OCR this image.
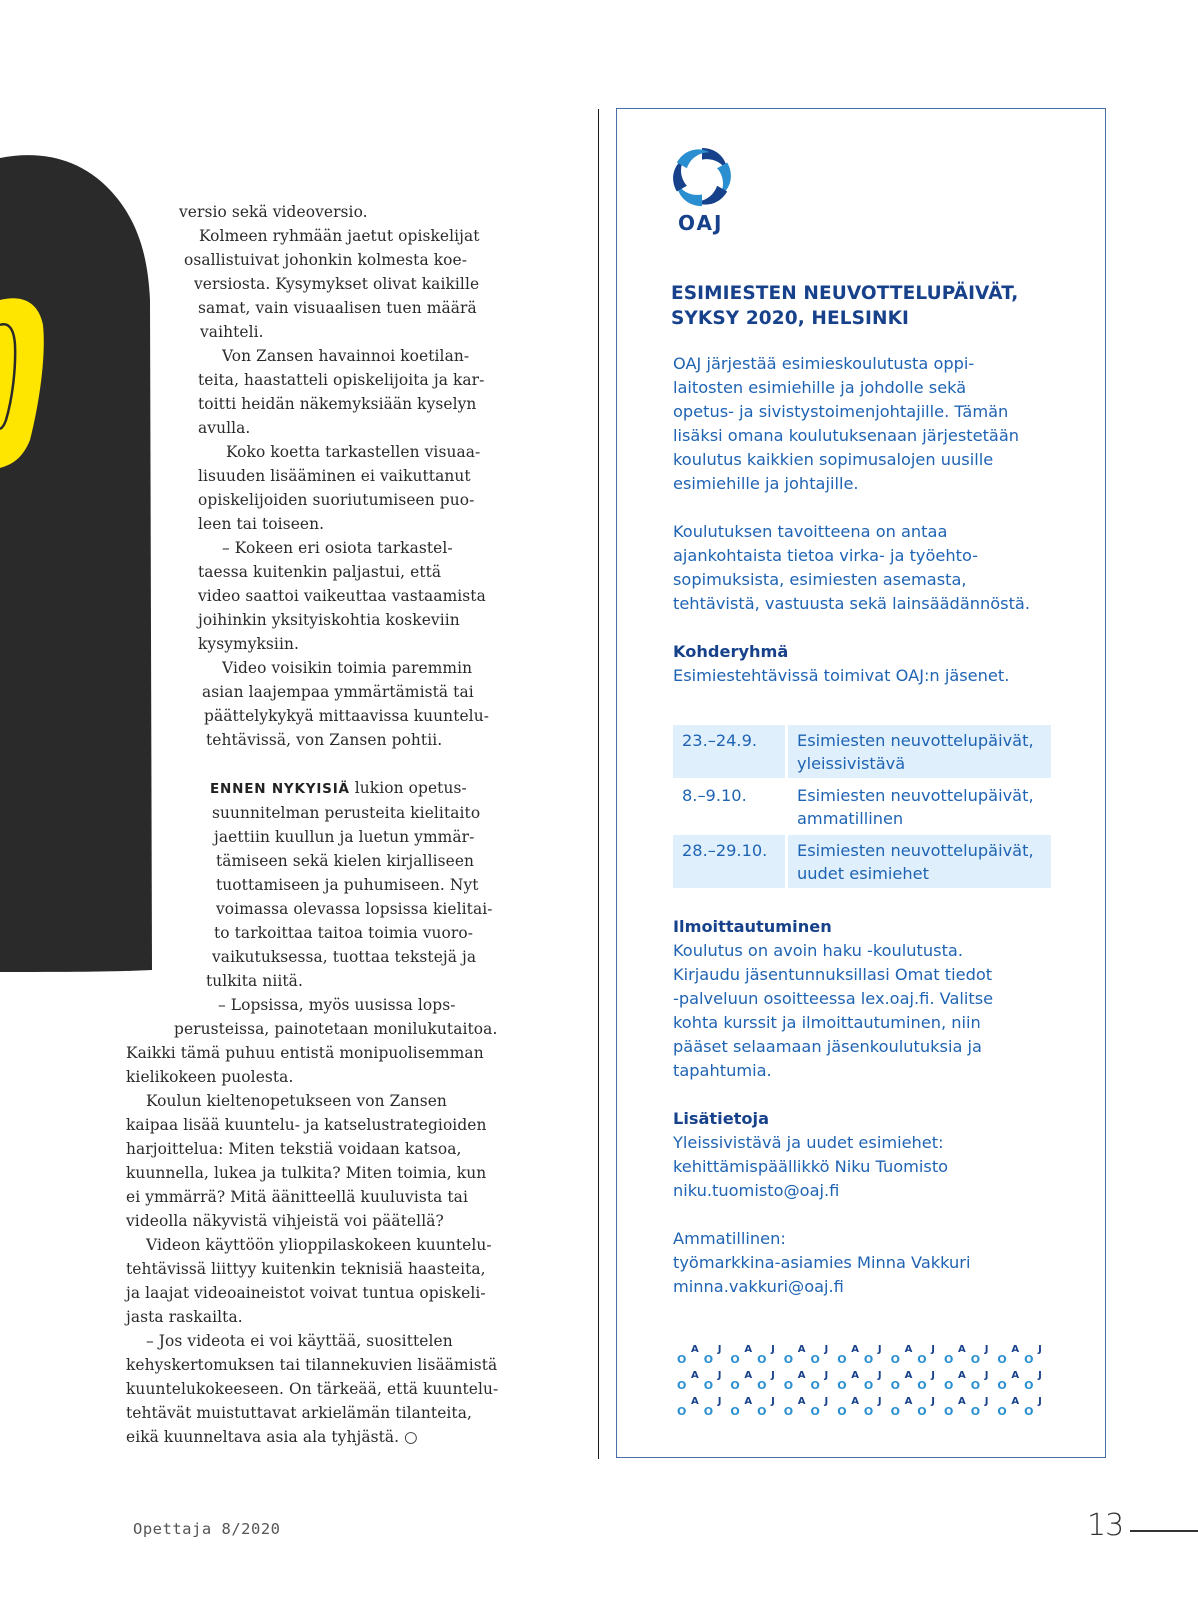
versio sekä videoversio.
Kolmeen ryhmään jaetut opiskelijat
osallistuivat johonkin kolmesta koe-
versiosta. Kysymykset olivat kaikille
samat, vain visuaalisen tuen määrä
vaihteli.
Von Zansen havainnoi koetilan-
teita, haastatteli opiskelijoita ja kar-
toitti heidän näkemyksiään kyselyn
avulla.
Koko koetta tarkastellen visuaa-
lisuuden lisääminen ei vaikuttanut
opiskelijoiden suoriutumiseen puo-
leen tai toiseen.
– Kokeen eri osiota tarkastel-
taessa kuitenkin paljastui, että
video saattoi vaikeuttaa vastaamista
joihinkin yksityiskohtia koskeviin
kysymyksiin.
Video voisikin toimia paremmin
asian laajempaa ymmärtämistä tai
päättelykykyä mittaavissa kuuntelu-
tehtävissä, von Zansen pohtii.
ENNEN NYKYISIÄ lukion opetus-
suunnitelman perusteita kielitaito
jaettiin kuullun ja luetun ymmär-
tämiseen sekä kielen kirjalliseen
tuottamiseen ja puhumiseen. Nyt
voimassa olevassa lopsissa kielitai-
to tarkoittaa taitoa toimia vuoro-
vaikutuksessa, tuottaa tekstejä ja
tulkita niitä.
– Lopsissa, myös uusissa lops-
perusteissa, painotetaan monilukutaitoa.
Kaikki tämä puhuu entistä monipuolisemman
kielikokeen puolesta.
Koulun kieltenopetukseen von Zansen
kaipaa lisää kuuntelu- ja katselustrategioiden
harjoittelua: Miten tekstiä voidaan katsoa,
kuunnella, lukea ja tulkita? Miten toimia, kun
ei ymmärrä? Mitä äänitteellä kuuluvista tai
videolla näkyvistä vihjeistä voi päätellä?
Videon käyttöön ylioppilaskokeen kuuntelu-
tehtävissä liittyy kuitenkin teknisiä haasteita,
ja laajat videoaineistot voivat tuntua opiskeli-
jasta raskailta.
– Jos videota ei voi käyttää, suosittelen
kehyskertomuksen tai tilannekuvien lisäämistä
kuuntelukokeeseen. On tärkeää, että kuuntelu-
tehtävät muistuttavat arkielämän tilanteita,
eikä kuunneltava asia ala tyhjästä. ○
OAJ
ESIMIESTEN NEUVOTTELUPÄIVÄT,
SYKSY 2020, HELSINKI
OAJ järjestää esimieskoulutusta oppi-
laitosten esimiehille ja johdolle sekä
opetus- ja sivistystoimenjohtajille. Tämän
lisäksi omana koulutuksenaan järjestetään
koulutus kaikkien sopimusalojen uusille
esimiehille ja johtajille.
Koulutuksen tavoitteena on antaa
ajankohtaista tietoa virka- ja työehto-
sopimuksista, esimiesten asemasta,
tehtävistä, vastuusta sekä lainsäädännöstä.
Kohderyhmä
Esimiestehtävissä toimivat OAJ:n jäsenet.
23.–24.9.	Esimiesten neuvottelupäivät,
yleissivistävä

8.–9.10.	Esimiesten neuvottelupäivät,
ammatillinen

28.–29.10.	Esimiesten neuvottelupäivät,
uudet esimiehet
Ilmoittautuminen
Koulutus on avoin haku -koulutusta.
Kirjaudu jäsentunnuksillasi Omat tiedot
-palveluun osoitteessa lex.oaj.fi. Valitse
kohta kurssit ja ilmoittautuminen, niin
pääset selaamaan jäsenkoulutuksia ja
tapahtumia.
Lisätietoja
Yleissivistävä ja uudet esimiehet:
kehittämispäällikkö Niku Tuomisto
niku.tuomisto@oaj.fi
Ammatillinen:
työmarkkina-asiamies Minna Vakkuri
minna.vakkuri@oaj.fi
A J A J A J A J A J A J A J
O O O O O O O O O O O O O O
A J A J A J A J A J A J A J
O O O O O O O O O O O O O O
A J A J A J A J A J A J A J
O O O O O O O O O O O O O O
Opettaja 8/2020	13
